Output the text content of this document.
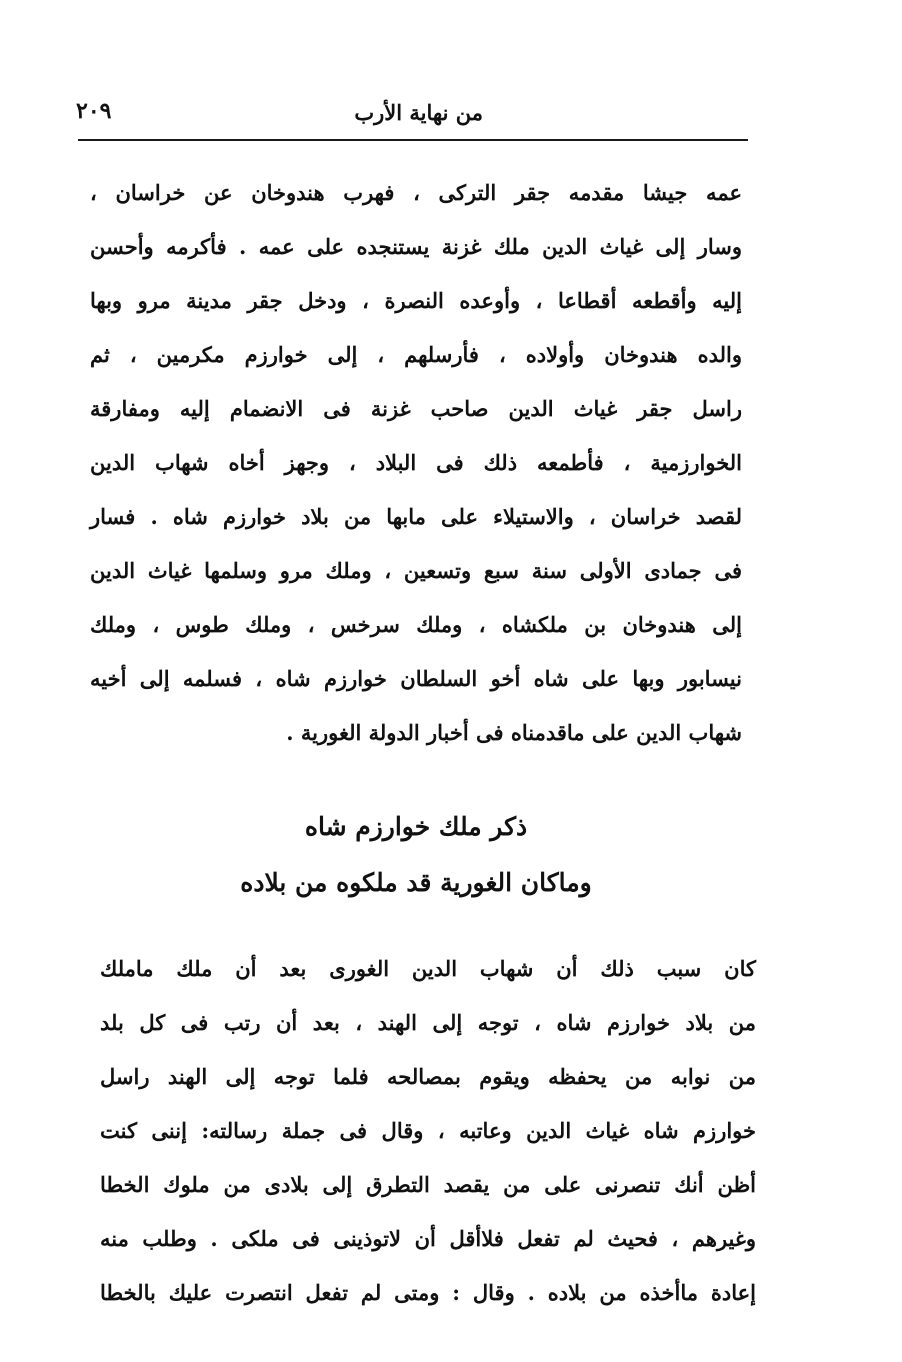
من نهاية الأرب
٢٠٩
عمه جيشا مقدمه جقر التركى ، فهرب هندوخان عن خراسان ،
وسار إلى غياث الدين ملك غزنة يستنجده على عمه . فأكرمه وأحسن
إليه وأقطعه أقطاعا ، وأوعده النصرة ، ودخل جقر مدينة مرو وبها
والده هندوخان وأولاده ، فأرسلهم ، إلى خوارزم مكرمين ، ثم
راسل جقر غياث الدين صاحب غزنة فى الانضمام إليه ومفارقة
الخوارزمية ، فأطمعه ذلك فى البلاد ، وجهز أخاه شهاب الدين
لقصد خراسان ، والاستيلاء على مابها من بلاد خوارزم شاه . فسار
فى جمادى الأولى سنة سبع وتسعين ، وملك مرو وسلمها غياث الدين
إلى هندوخان بن ملكشاه ، وملك سرخس ، وملك طوس ، وملك
نيسابور وبها على شاه أخو السلطان خوارزم شاه ، فسلمه إلى أخيه
شهاب الدين على ماقدمناه فى أخبار الدولة الغورية .
ذكر ملك خوارزم شاه
وماكان الغورية قد ملكوه من بلاده
كان سبب ذلك أن شهاب الدين الغورى بعد أن ملك ماملك
من بلاد خوارزم شاه ، توجه إلى الهند ، بعد أن رتب فى كل بلد
من نوابه من يحفظه ويقوم بمصالحه فلما توجه إلى الهند راسل
خوارزم شاه غياث الدين وعاتبه ، وقال فى جملة رسالته: إننى كنت
أظن أنك تنصرنى على من يقصد التطرق إلى بلادى من ملوك الخطا
وغيرهم ، فحيث لم تفعل فلاأقل أن لاتوذينى فى ملكى . وطلب منه
إعادة ماأخذه من بلاده . وقال : ومتى لم تفعل انتصرت عليك بالخطا
